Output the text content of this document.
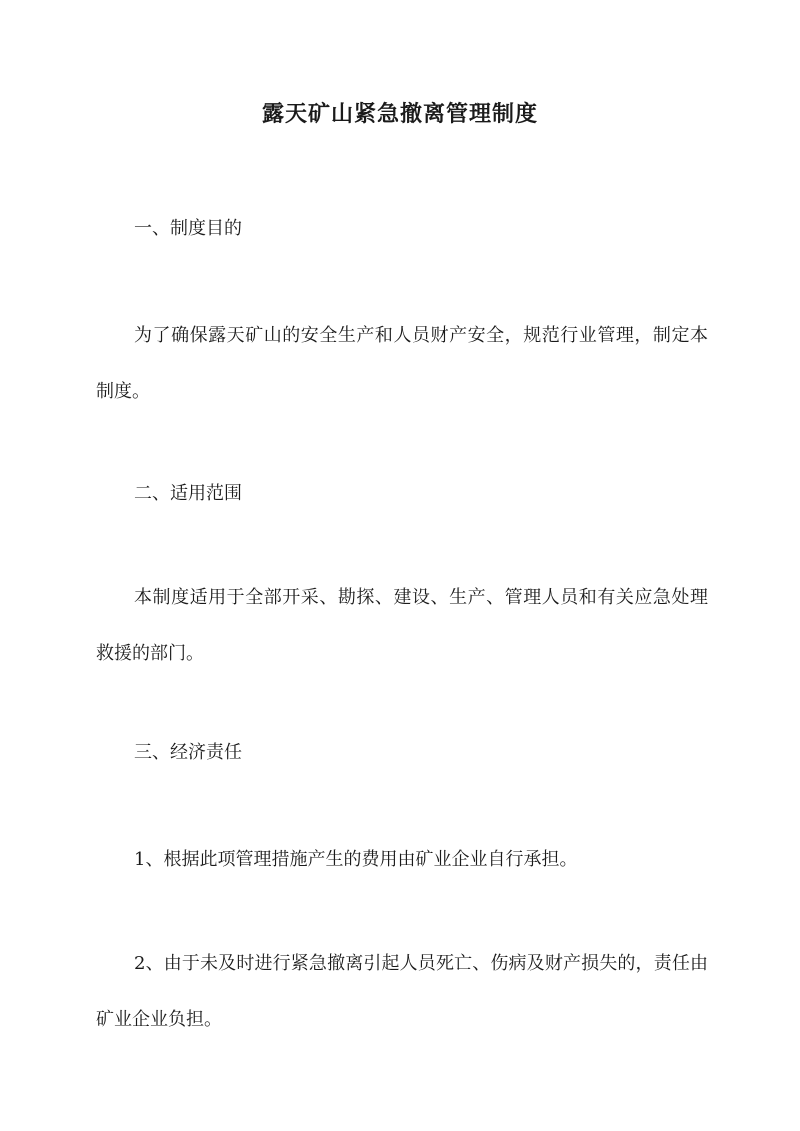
露天矿山紧急撤离管理制度
一、制度目的
为了确保露天矿山的安全生产和人员财产安全，规范行业管理，制定本制度。
二、适用范围
本制度适用于全部开采、勘探、建设、生产、管理人员和有关应急处理救援的部门。
三、经济责任
1、根据此项管理措施产生的费用由矿业企业自行承担。
2、由于未及时进行紧急撤离引起人员死亡、伤病及财产损失的，责任由矿业企业负担。
